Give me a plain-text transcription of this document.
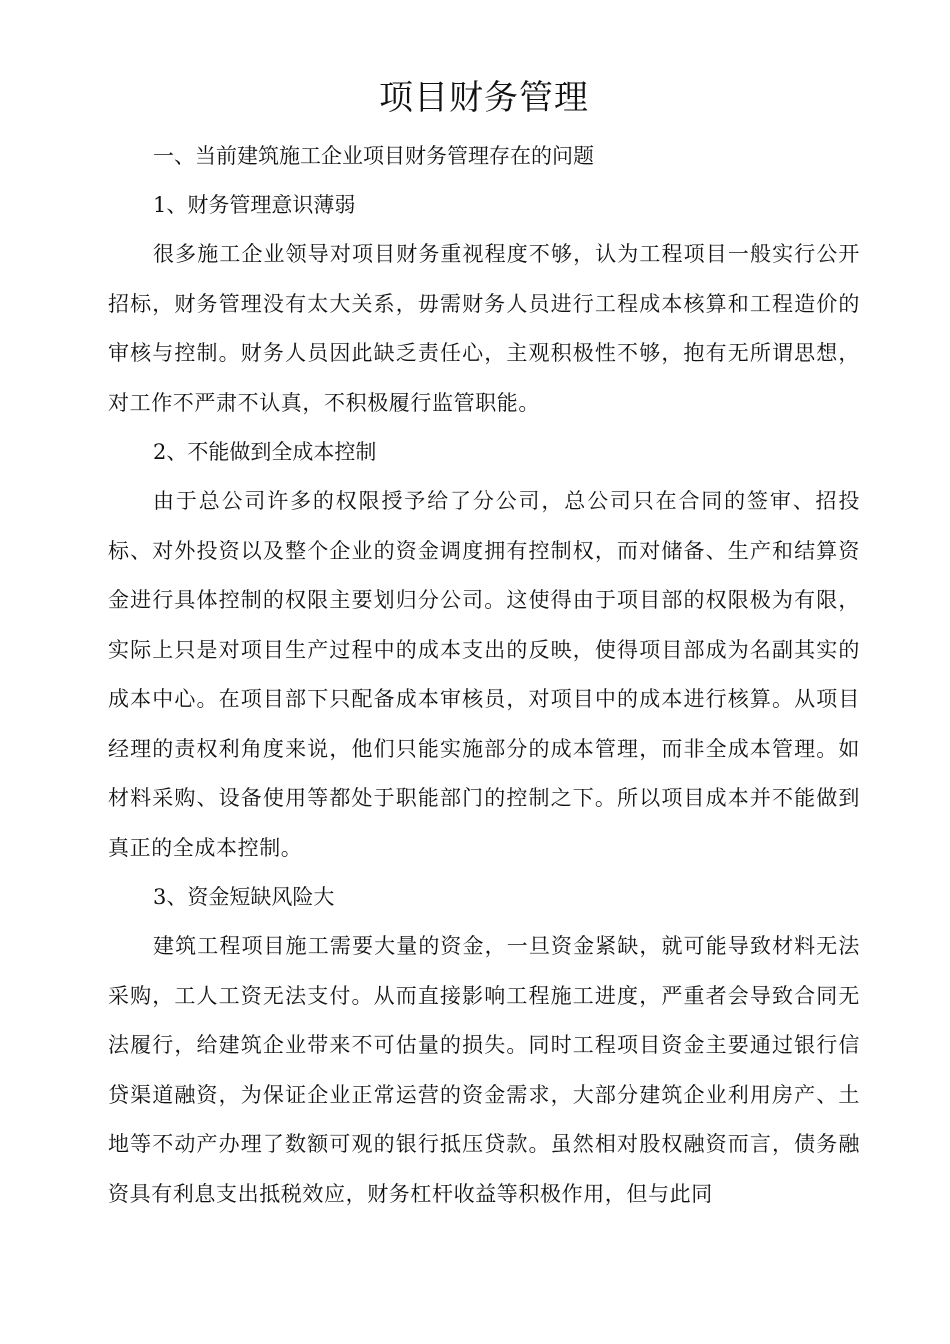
项目财务管理

一、当前建筑施工企业项目财务管理存在的问题

1、财务管理意识薄弱

很多施工企业领导对项目财务重视程度不够，认为工程项目一般实行公开招标，财务管理没有太大关系，毋需财务人员进行工程成本核算和工程造价的审核与控制。财务人员因此缺乏责任心，主观积极性不够，抱有无所谓思想，对工作不严肃不认真，不积极履行监管职能。

2、不能做到全成本控制

由于总公司许多的权限授予给了分公司，总公司只在合同的签审、招投标、对外投资以及整个企业的资金调度拥有控制权，而对储备、生产和结算资金进行具体控制的权限主要划归分公司。这使得由于项目部的权限极为有限，实际上只是对项目生产过程中的成本支出的反映，使得项目部成为名副其实的成本中心。在项目部下只配备成本审核员，对项目中的成本进行核算。从项目经理的责权利角度来说，他们只能实施部分的成本管理，而非全成本管理。如材料采购、设备使用等都处于职能部门的控制之下。所以项目成本并不能做到真正的全成本控制。

3、资金短缺风险大

建筑工程项目施工需要大量的资金，一旦资金紧缺，就可能导致材料无法采购，工人工资无法支付。从而直接影响工程施工进度，严重者会导致合同无法履行，给建筑企业带来不可估量的损失。同时工程项目资金主要通过银行信贷渠道融资，为保证企业正常运营的资金需求，大部分建筑企业利用房产、土地等不动产办理了数额可观的银行抵压贷款。虽然相对股权融资而言，债务融资具有利息支出抵税效应，财务杠杆收益等积极作用，但与此同
